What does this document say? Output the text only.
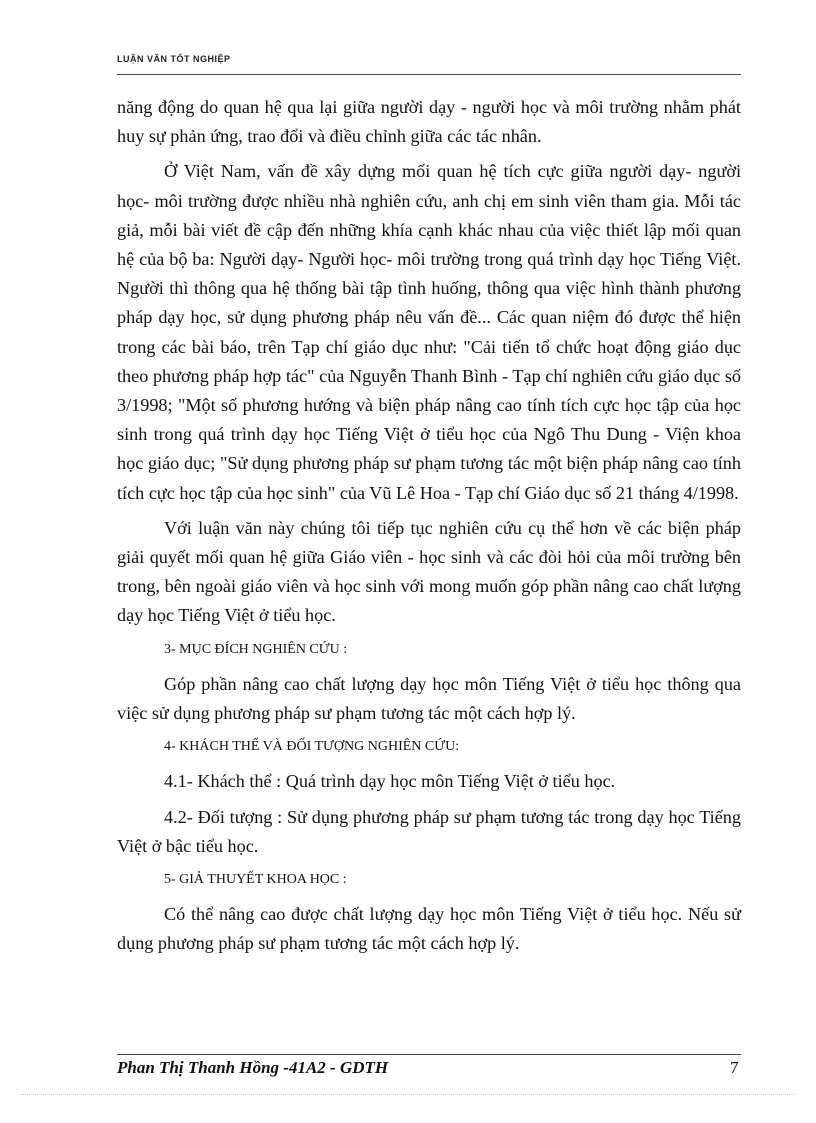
LUẬN VĂN TỐT NGHIỆP

năng động do quan hệ qua lại giữa người dạy - người học và môi trường nhằm phát huy sự phản ứng, trao đổi và điều chỉnh giữa các tác nhân.

Ở Việt Nam, vấn đề xây dựng mối quan hệ tích cực giữa người dạy- người học- môi trường được nhiều nhà nghiên cứu, anh chị em sinh viên tham gia. Mỗi tác giả, mỗi bài viết đề cập đến những khía cạnh khác nhau của việc thiết lập mối quan hệ của bộ ba: Người dạy- Người học- môi trường trong quá trình dạy học Tiếng Việt. Người thì thông qua hệ thống bài tập tình huống, thông qua việc hình thành phương pháp dạy học, sử dụng phương pháp nêu vấn đề... Các quan niệm đó được thể hiện trong các bài báo, trên Tạp chí giáo dục như: "Cải tiến tổ chức hoạt động giáo dục theo phương pháp hợp tác" của Nguyễn Thanh Bình - Tạp chí nghiên cứu giáo dục số 3/1998; "Một số phương hướng và biện pháp nâng cao tính tích cực học tập của học sinh trong quá trình dạy học Tiếng Việt ở tiểu học của Ngô Thu Dung - Viện khoa học giáo dục; "Sử dụng phương pháp sư phạm tương tác một biện pháp nâng cao tính tích cực học tập của học sinh" của Vũ Lê Hoa - Tạp chí Giáo dục số 21 tháng 4/1998.

Với luận văn này chúng tôi tiếp tục nghiên cứu cụ thể hơn về các biện pháp giải quyết mối quan hệ giữa Giáo viên - học sinh và các đòi hỏi của môi trường bên trong, bên ngoài giáo viên và học sinh với mong muốn góp phần nâng cao chất lượng dạy học Tiếng Việt ở tiểu học.

3- MỤC ĐÍCH NGHIÊN CỨU :

Góp phần nâng cao chất lượng dạy học môn Tiếng Việt ở tiểu học thông qua việc sử dụng phương pháp sư phạm tương tác một cách hợp lý.

4- KHÁCH THỂ VÀ ĐỐI TƯỢNG NGHIÊN CỨU:

4.1- Khách thể : Quá trình dạy học môn Tiếng Việt ở tiểu học.

4.2- Đối tượng : Sử dụng phương pháp sư phạm tương tác trong dạy học Tiếng Việt ở bậc tiểu học.

5- GIẢ THUYẾT KHOA HỌC :

Có thể nâng cao được chất lượng dạy học môn Tiếng Việt ở tiểu học. Nếu sử dụng phương pháp sư phạm tương tác một cách hợp lý.

Phan Thị Thanh Hồng -41A2 - GDTH	7
